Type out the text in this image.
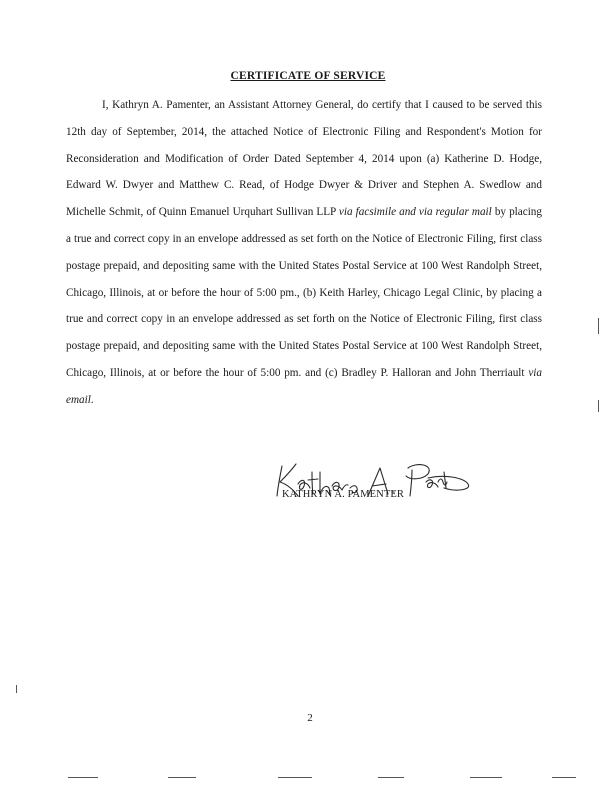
CERTIFICATE OF SERVICE

I, Kathryn A. Pamenter, an Assistant Attorney General, do certify that I caused to be served this 12th day of September, 2014, the attached Notice of Electronic Filing and Respondent's Motion for Reconsideration and Modification of Order Dated September 4, 2014 upon (a) Katherine D. Hodge, Edward W. Dwyer and Matthew C. Read, of Hodge Dwyer & Driver and Stephen A. Swedlow and Michelle Schmit, of Quinn Emanuel Urquhart Sullivan LLP via facsimile and via regular mail by placing a true and correct copy in an envelope addressed as set forth on the Notice of Electronic Filing, first class postage prepaid, and depositing same with the United States Postal Service at 100 West Randolph Street, Chicago, Illinois, at or before the hour of 5:00 pm., (b) Keith Harley, Chicago Legal Clinic, by placing a true and correct copy in an envelope addressed as set forth on the Notice of Electronic Filing, first class postage prepaid, and depositing same with the United States Postal Service at 100 West Randolph Street, Chicago, Illinois, at or before the hour of 5:00 pm. and (c) Bradley P. Halloran and John Therriault via email.

KATHRYN A. PAMENTER
2
